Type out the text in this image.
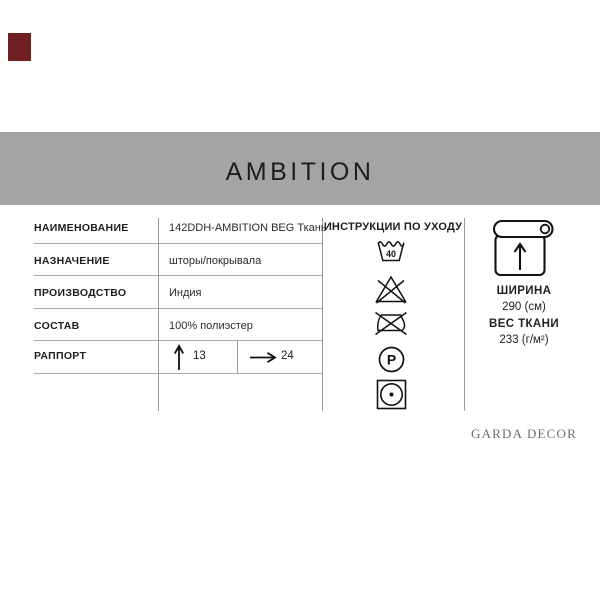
AMBITION
НАИМЕНОВАНИЕ
НАЗНАЧЕНИЕ
ПРОИЗВОДСТВО
СОСТАВ
РАППОРТ
142DDH-AMBITION BEG Ткань
шторы/покрывала
Индия
100% полиэстер
13	24
ИНСТРУКЦИИ ПО УХОДУ
40
P
ШИРИНА
290 (см)
ВЕС ТКАНИ
233 (г/м²)
GARDA DECOR
